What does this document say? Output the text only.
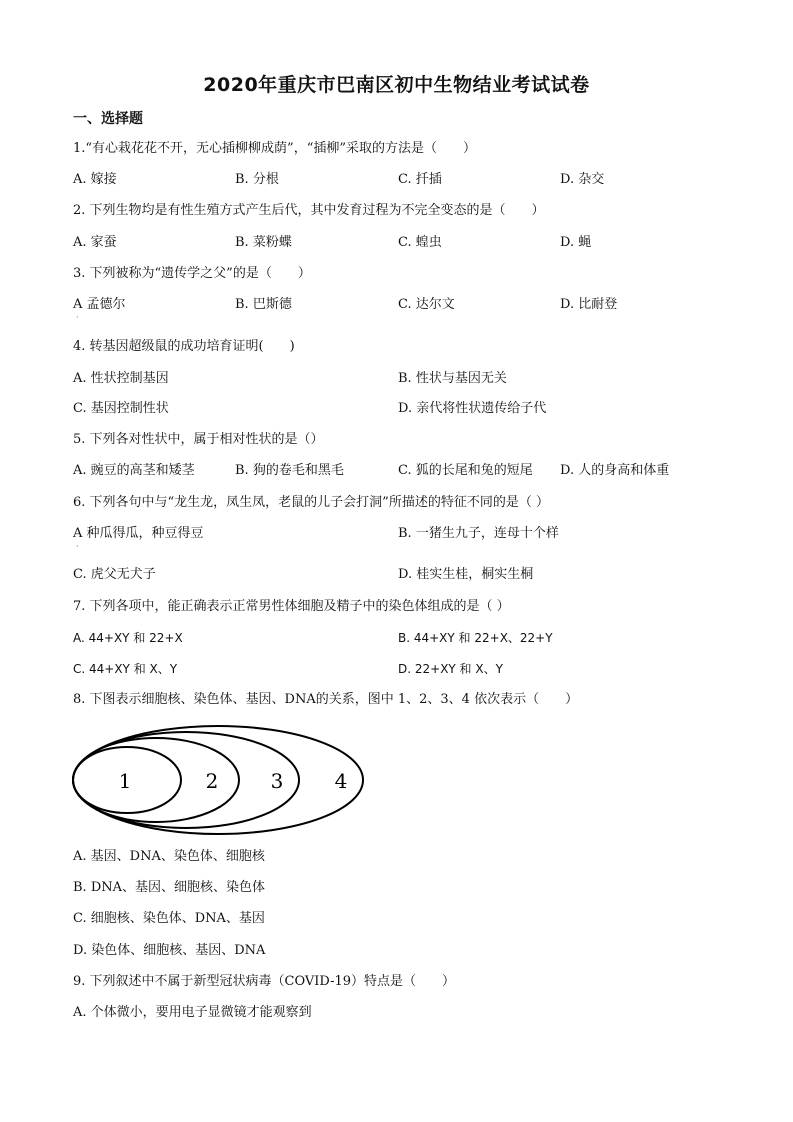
2020年重庆市巴南区初中生物结业考试试卷
一、选择题
1.“有心栽花花不开，无心插柳柳成荫”，“插柳”采取的方法是（　　）
A. 嫁接	B. 分根	C. 扦插	D. 杂交
2. 下列生物均是有性生殖方式产生后代，其中发育过程为不完全变态的是（　　）
A. 家蚕	B. 菜粉蝶	C. 蝗虫	D. 蝇
3. 下列被称为“遗传学之父”的是（　　）
A 孟德尔	B. 巴斯德	C. 达尔文	D. 比耐登
·
4. 转基因超级鼠的成功培育证明(　　)
A. 性状控制基因	B. 性状与基因无关
C. 基因控制性状	D. 亲代将性状遗传给子代
5. 下列各对性状中，属于相对性状的是（）
A. 豌豆的高茎和矮茎	B. 狗的卷毛和黑毛	C. 狐的长尾和兔的短尾 D. 人的身高和体重
6. 下列各句中与“龙生龙，凤生凤，老鼠的儿子会打洞”所描述的特征不同的是（ ）
A 种瓜得瓜，种豆得豆	B. 一猪生九子，连母十个样
·
C. 虎父无犬子	D. 桂实生桂，桐实生桐
7. 下列各项中，能正确表示正常男性体细胞及精子中的染色体组成的是（ ）
A. 44+XY 和 22+X	B. 44+XY 和 22+X、22+Y
C. 44+XY 和 X、Y	D. 22+XY 和 X、Y
8. 下图表示细胞核、染色体、基因、DNA的关系，图中 1、2、3、4 依次表示（　　）
1	2	3	4
A. 基因、DNA、染色体、细胞核
B. DNA、基因、细胞核、染色体
C. 细胞核、染色体、DNA、基因
D. 染色体、细胞核、基因、DNA
9. 下列叙述中不属于新型冠状病毒（COVID-19）特点是（　　）
A. 个体微小，要用电子显微镜才能观察到
